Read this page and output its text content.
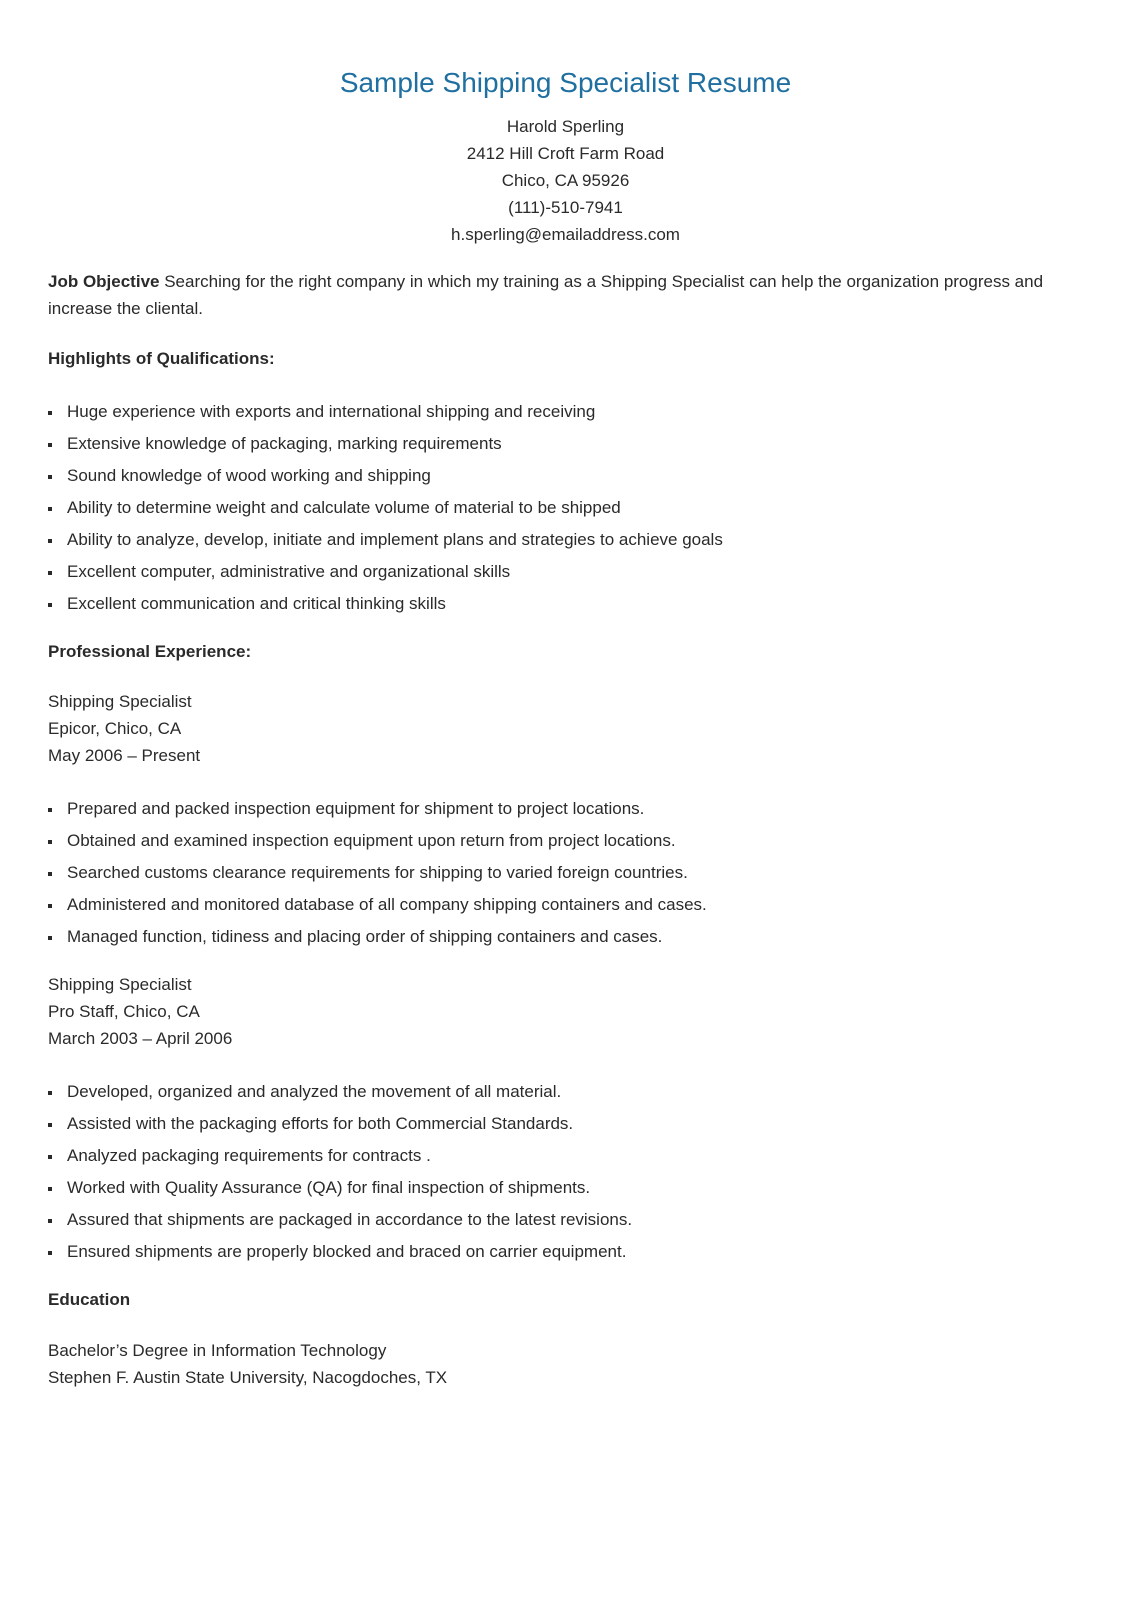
Sample Shipping Specialist Resume
Harold Sperling
2412 Hill Croft Farm Road
Chico, CA 95926
(111)-510-7941
h.sperling@emailaddress.com

Job Objective Searching for the right company in which my training as a Shipping Specialist can help the organization progress and increase the cliental.

Highlights of Qualifications:
Huge experience with exports and international shipping and receiving
Extensive knowledge of packaging, marking requirements
Sound knowledge of wood working and shipping
Ability to determine weight and calculate volume of material to be shipped
Ability to analyze, develop, initiate and implement plans and strategies to achieve goals
Excellent computer, administrative and organizational skills
Excellent communication and critical thinking skills
Professional Experience:
Shipping Specialist
Epicor, Chico, CA
May 2006 – Present
Prepared and packed inspection equipment for shipment to project locations.
Obtained and examined inspection equipment upon return from project locations.
Searched customs clearance requirements for shipping to varied foreign countries.
Administered and monitored database of all company shipping containers and cases.
Managed function, tidiness and placing order of shipping containers and cases.
Shipping Specialist
Pro Staff, Chico, CA
March 2003 – April 2006
Developed, organized and analyzed the movement of all material.
Assisted with the packaging efforts for both Commercial Standards.
Analyzed packaging requirements for contracts .
Worked with Quality Assurance (QA) for final inspection of shipments.
Assured that shipments are packaged in accordance to the latest revisions.
Ensured shipments are properly blocked and braced on carrier equipment.
Education
Bachelor’s Degree in Information Technology
Stephen F. Austin State University, Nacogdoches, TX
